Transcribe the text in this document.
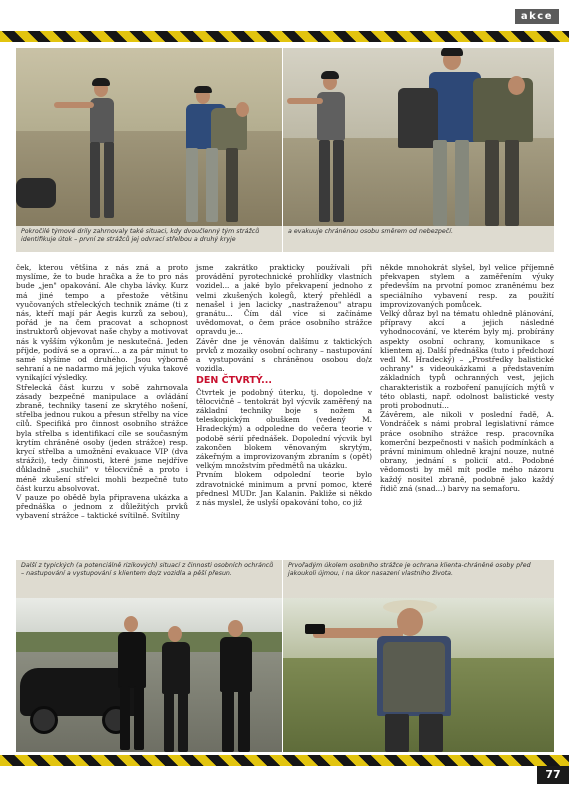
akce
Pokročilé týmové drily zahrnovaly také situaci, kdy dvoučlenný tým strážců identifikuje útok – první ze strážců jej odvrací střelbou a druhý kryje
a evakuuje chráněnou osobu směrem od nebezpečí.

ček, kterou většina z nás zná a proto myslíme, že to bude hračka a že to pro nás bude „jen" opakování. Ale chyba lávky. Kurz má jiné tempo a přestože většinu vyučovaných střeleckých technik známe (ti z nás, kteří mají pár Aegis kurzů za sebou), pořád je na čem pracovat a schopnost instruktorů objevovat naše chyby a motivovat nás k vyšším výkonům je neskutečná. Jeden příjde, podívá se a opraví... a za pár minut to samé slyšíme od druhého. Jsou výborně sehraní a ne nadarmo má jejich výuka takové vynikající výsledky.

Střelecká část kurzu v sobě zahrnovala zásady bezpečné manipulace a ovládání zbraně, techniky tasení ze skrytého nošení, střelba jednou rukou a přesun střelby na více cílů. Specifiká pro činnost osobního strážce byla střelba s identifikací cíle se současným krytím chráněné osoby (jeden strážce) resp. krycí střelba a umožnění evakuace VIP (dva strážci), tedy činnosti, které jsme nejdříve důkladně „suchili" v tělocvičně a proto i méně zkušení střelci mohli bezpečně tuto část kurzu absolvovat.

V pauze po obědě byla připravena ukázka a přednáška o jednom z důležitých prvků vybavení strážce – taktické svítilně. Svítilny

jsme zakrátko prakticky používali při provádění pyrotechnické prohlídky vlastních vozidel... a jaké bylo překvapení jednoho z velmi zkušených kolegů, který přehlédl a nenašel i jen lacicky „nastraženou" atrapu granátu... Čím dál více si začínáme uvědomovat, o čem práce osobního strážce opravdu je...

Závěr dne je věnován dalšímu z taktických prvků z mozaiky osobní ochrany – nastupování a vystupování s chráněnou osobou do/z vozidla.

DEN ČTVRTÝ...

Čtvrtek je podobný úterku, tj. dopoledne v tělocvičně – tentokrát byl výcvik zaměřený na základní techniky boje s nožem a teleskopickým obuškem (vedený M. Hradeckým) a odpoledne do večera teorie v podobě sérií přednášek. Dopolední výcvik byl zakončen blokem věnovaným skrytým, zákeřným a improvizovaným zbraním s (opět) velkým množstvím předmětů na ukázku.

Prvním blokem odpolední teorie bylo zdravotnické minimum a první pomoc, které přednesl MUDr. Jan Kalanin. Pakliže si někdo z nás myslel, že uslyší opakování toho, co již

někde mnohokrát slyšel, byl velice příjemně překvapen stylem a zaměřením výuky především na prvotní pomoc zraněnému bez speciálního vybavení resp. za použití improvizovaných pomůcek.

Velký důraz byl na tématu ohledně plánování, přípravy akcí a jejich následné vyhodnocování, ve kterém byly mj. probírány aspekty osobní ochrany, komunikace s klientem aj. Další přednáška (tuto i předchozí vedl M. Hradecký) – „Prostředky balistické ochrany" s videoukázkami a představením základních typů ochranných vest, jejich charakteristik a rozboření panujících mýtů v této oblasti, např. odolnost balistické vesty proti probodnutí...

Závěrem, ale nikoli v poslední řadě, A. Vondráček s námi probral legislativní rámce práce osobního strážce resp. pracovníka komerční bezpečnosti v našich podmínkách a právní minimum ohledně krajní nouze, nutné obrany, jednání s policií atd.. Podobné vědomosti by měl mít podle mého názoru každý nositel zbraně, podobně jako každý řidič zná (snad...) barvy na semaforu.

Další z typických (a potenciálně rizikových) situací z činnosti osobních ochránců – nastupování a vystupování s klientem do/z vozidla a pěší přesun.
Prvořadým úkolem osobního strážce je ochrana klienta-chráněné osoby před jakoukoli újmou, i na úkor nasazení vlastního života.
77
